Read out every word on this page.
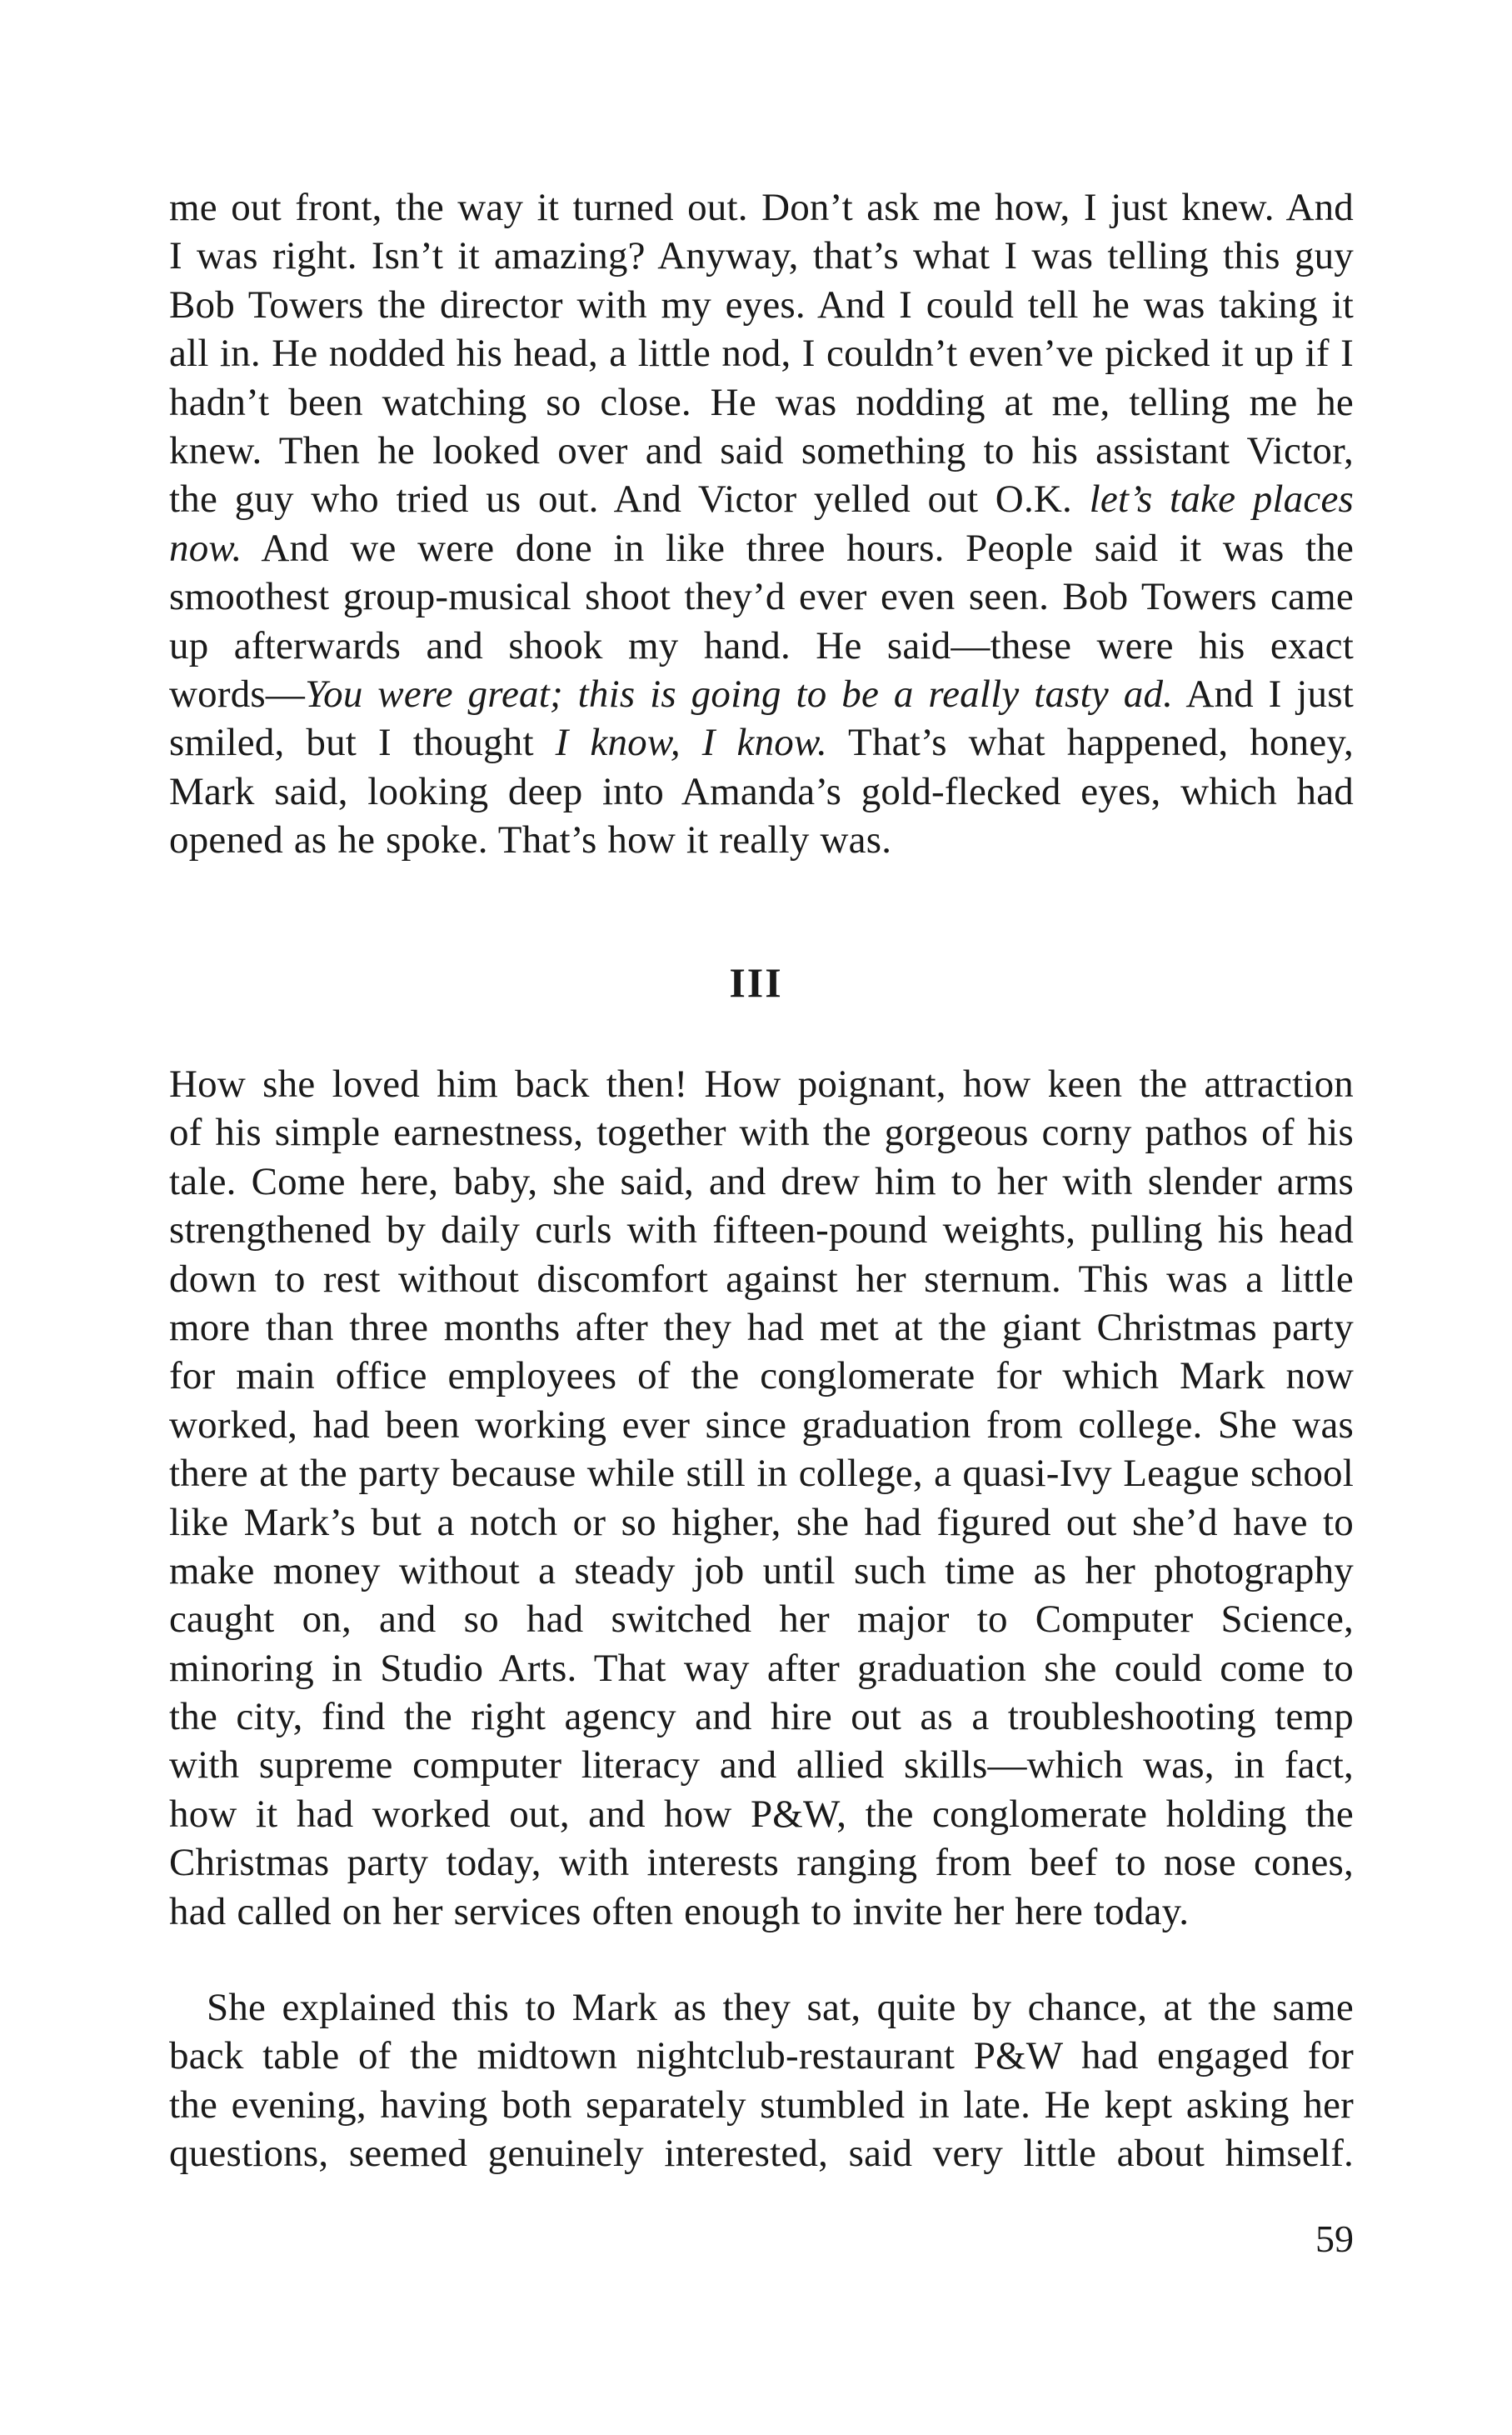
me out front, the way it turned out. Don’t ask me how, I just knew. And
I was right. Isn’t it amazing? Anyway, that’s what I was telling this guy
Bob Towers the director with my eyes. And I could tell he was taking it
all in. He nodded his head, a little nod, I couldn’t even’ve picked it up if I
hadn’t been watching so close. He was nodding at me, telling me he
knew. Then he looked over and said something to his assistant Victor,
the guy who tried us out. And Victor yelled out O.K. let’s take places
now. And we were done in like three hours. People said it was the
smoothest group-musical shoot they’d ever even seen. Bob Towers came
up afterwards and shook my hand. He said—these were his exact
words—You were great; this is going to be a really tasty ad. And I just
smiled, but I thought I know, I know. That’s what happened, honey,
Mark said, looking deep into Amanda’s gold-flecked eyes, which had
opened as he spoke. That’s how it really was.
III
How she loved him back then! How poignant, how keen the attraction
of his simple earnestness, together with the gorgeous corny pathos of his
tale. Come here, baby, she said, and drew him to her with slender arms
strengthened by daily curls with fifteen-pound weights, pulling his head
down to rest without discomfort against her sternum. This was a little
more than three months after they had met at the giant Christmas party
for main office employees of the conglomerate for which Mark now
worked, had been working ever since graduation from college. She was
there at the party because while still in college, a quasi-Ivy League school
like Mark’s but a notch or so higher, she had figured out she’d have to
make money without a steady job until such time as her photography
caught on, and so had switched her major to Computer Science,
minoring in Studio Arts. That way after graduation she could come to
the city, find the right agency and hire out as a troubleshooting temp
with supreme computer literacy and allied skills—which was, in fact,
how it had worked out, and how P&W, the conglomerate holding the
Christmas party today, with interests ranging from beef to nose cones,
had called on her services often enough to invite her here today.
She explained this to Mark as they sat, quite by chance, at the same
back table of the midtown nightclub-restaurant P&W had engaged for
the evening, having both separately stumbled in late. He kept asking her
questions, seemed genuinely interested, said very little about himself.
59
